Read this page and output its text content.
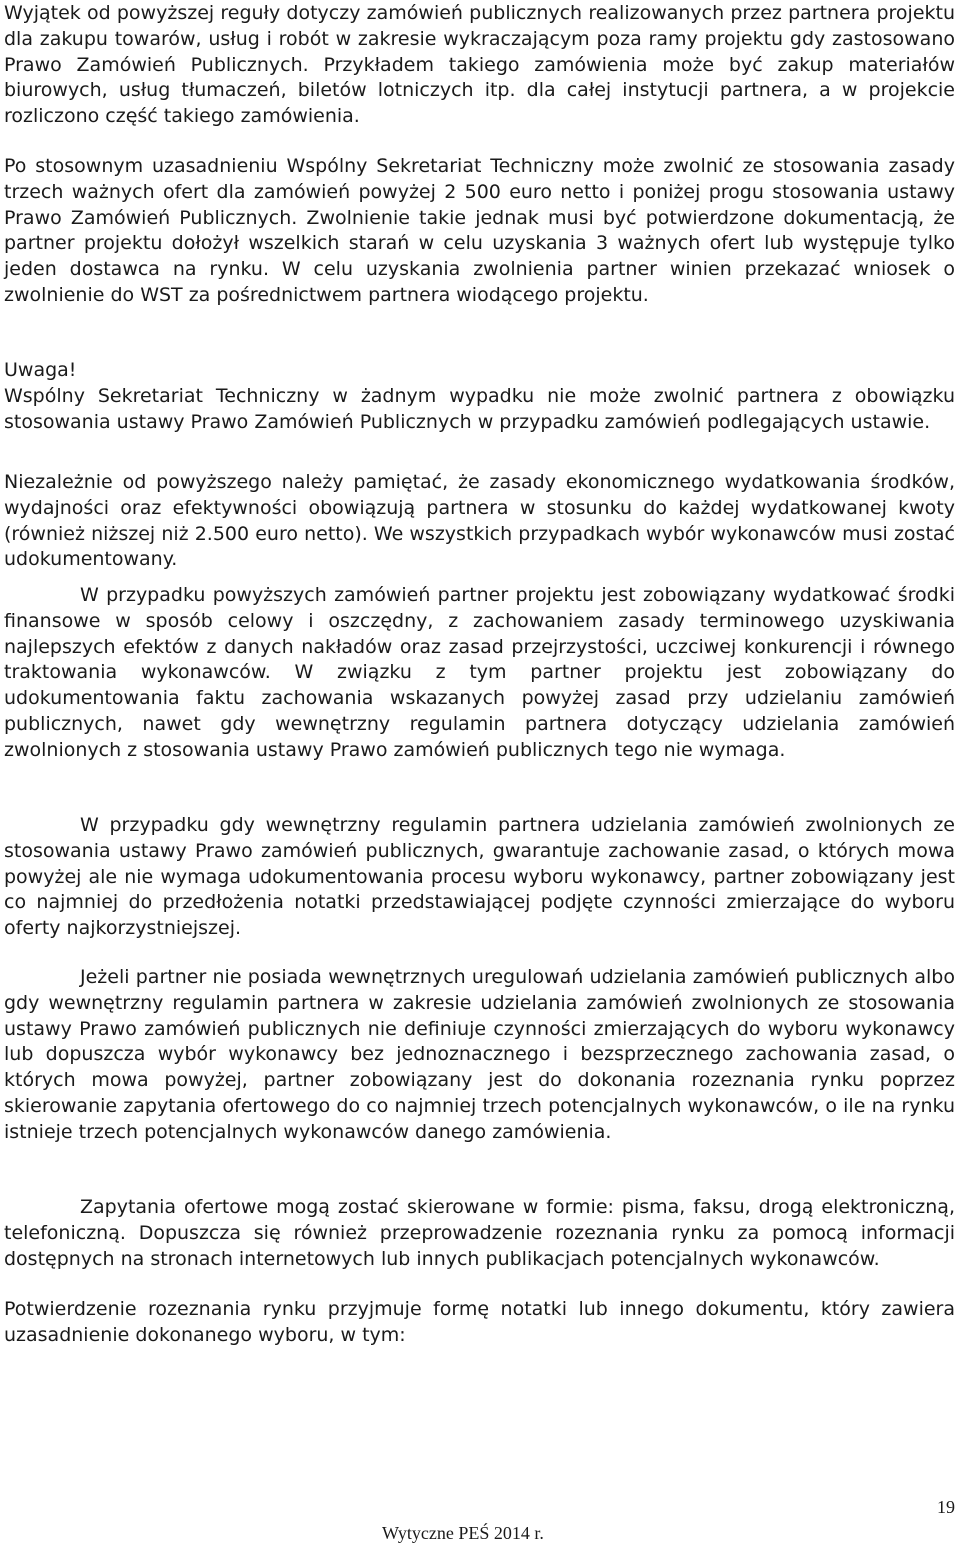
Wyjątek od powyższej reguły dotyczy zamówień publicznych realizowanych przez partnera projektu dla zakupu towarów, usług i robót w zakresie wykraczającym poza ramy projektu gdy zastosowano Prawo Zamówień Publicznych. Przykładem takiego zamówienia może być zakup materiałów biurowych, usług tłumaczeń, biletów lotniczych itp. dla całej instytucji partnera, a w projekcie rozliczono część takiego zamówienia.

Po stosownym uzasadnieniu Wspólny Sekretariat Techniczny może zwolnić ze stosowania zasady trzech ważnych ofert dla zamówień powyżej 2 500 euro netto i poniżej progu stosowania ustawy Prawo Zamówień Publicznych. Zwolnienie takie jednak musi być potwierdzone dokumentacją, że partner projektu dołożył wszelkich starań w celu uzyskania 3 ważnych ofert lub występuje tylko jeden dostawca na rynku. W celu uzyskania zwolnienia partner winien przekazać wniosek o zwolnienie do WST za pośrednictwem partnera wiodącego projektu.

Uwaga!

Wspólny Sekretariat Techniczny w żadnym wypadku nie może zwolnić partnera z obowiązku stosowania ustawy Prawo Zamówień Publicznych w przypadku zamówień podlegających ustawie.

Niezależnie od powyższego należy pamiętać, że zasady ekonomicznego wydatkowania środków, wydajności oraz efektywności obowiązują partnera w stosunku do każdej wydatkowanej kwoty (również niższej niż 2.500 euro netto). We wszystkich przypadkach wybór wykonawców musi zostać udokumentowany.

W przypadku powyższych zamówień partner projektu jest zobowiązany wydatkować środki finansowe w sposób celowy i oszczędny, z zachowaniem zasady terminowego uzyskiwania najlepszych efektów z danych nakładów oraz zasad przejrzystości, uczciwej konkurencji i równego traktowania wykonawców. W związku z tym partner projektu jest zobowiązany do udokumentowania faktu zachowania wskazanych powyżej zasad przy udzielaniu zamówień publicznych, nawet gdy wewnętrzny regulamin partnera dotyczący udzielania zamówień zwolnionych z stosowania ustawy Prawo zamówień publicznych tego nie wymaga.

W przypadku gdy wewnętrzny regulamin partnera udzielania zamówień zwolnionych ze stosowania ustawy Prawo zamówień publicznych, gwarantuje zachowanie zasad, o których mowa powyżej ale nie wymaga udokumentowania procesu wyboru wykonawcy, partner zobowiązany jest co najmniej do przedłożenia notatki przedstawiającej podjęte czynności zmierzające do wyboru oferty najkorzystniejszej.

Jeżeli partner nie posiada wewnętrznych uregulowań udzielania zamówień publicznych albo gdy wewnętrzny regulamin partnera w zakresie udzielania zamówień zwolnionych ze stosowania ustawy Prawo zamówień publicznych nie definiuje czynności zmierzających do wyboru wykonawcy lub dopuszcza wybór wykonawcy bez jednoznacznego i bezsprzecznego zachowania zasad, o których mowa powyżej, partner zobowiązany jest do dokonania rozeznania rynku poprzez skierowanie zapytania ofertowego do co najmniej trzech potencjalnych wykonawców, o ile na rynku istnieje trzech potencjalnych wykonawców danego zamówienia.

Zapytania ofertowe mogą zostać skierowane w formie: pisma, faksu, drogą elektroniczną, telefoniczną. Dopuszcza się również przeprowadzenie rozeznania rynku za pomocą informacji dostępnych na stronach internetowych lub innych publikacjach potencjalnych wykonawców.

Potwierdzenie rozeznania rynku przyjmuje formę notatki lub innego dokumentu, który zawiera uzasadnienie dokonanego wyboru, w tym:

19
Wytyczne PEŚ 2014 r.
